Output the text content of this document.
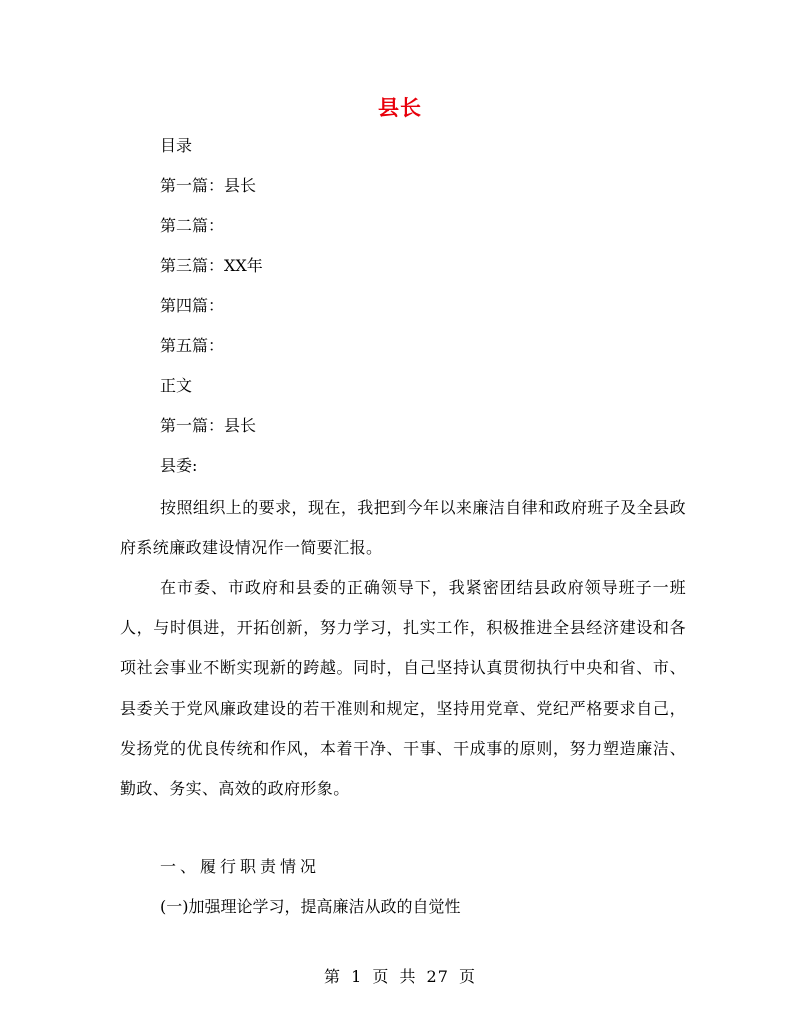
县长
目录
第一篇：县长
第二篇：
第三篇：XX年
第四篇：
第五篇：
正文
第一篇：县长
县委:
按照组织上的要求，现在，我把到今年以来廉洁自律和政府班子及全县政府系统廉政建设情况作一简要汇报。
在市委、市政府和县委的正确领导下，我紧密团结县政府领导班子一班人，与时俱进，开拓创新，努力学习，扎实工作，积极推进全县经济建设和各项社会事业不断实现新的跨越。同时，自己坚持认真贯彻执行中央和省、市、县委关于党风廉政建设的若干准则和规定，坚持用党章、党纪严格要求自己，发扬党的优良传统和作风，本着干净、干事、干成事的原则，努力塑造廉洁、勤政、务实、高效的政府形象。
一、履行职责情况
(一)加强理论学习，提高廉洁从政的自觉性
第 1 页 共 27 页
